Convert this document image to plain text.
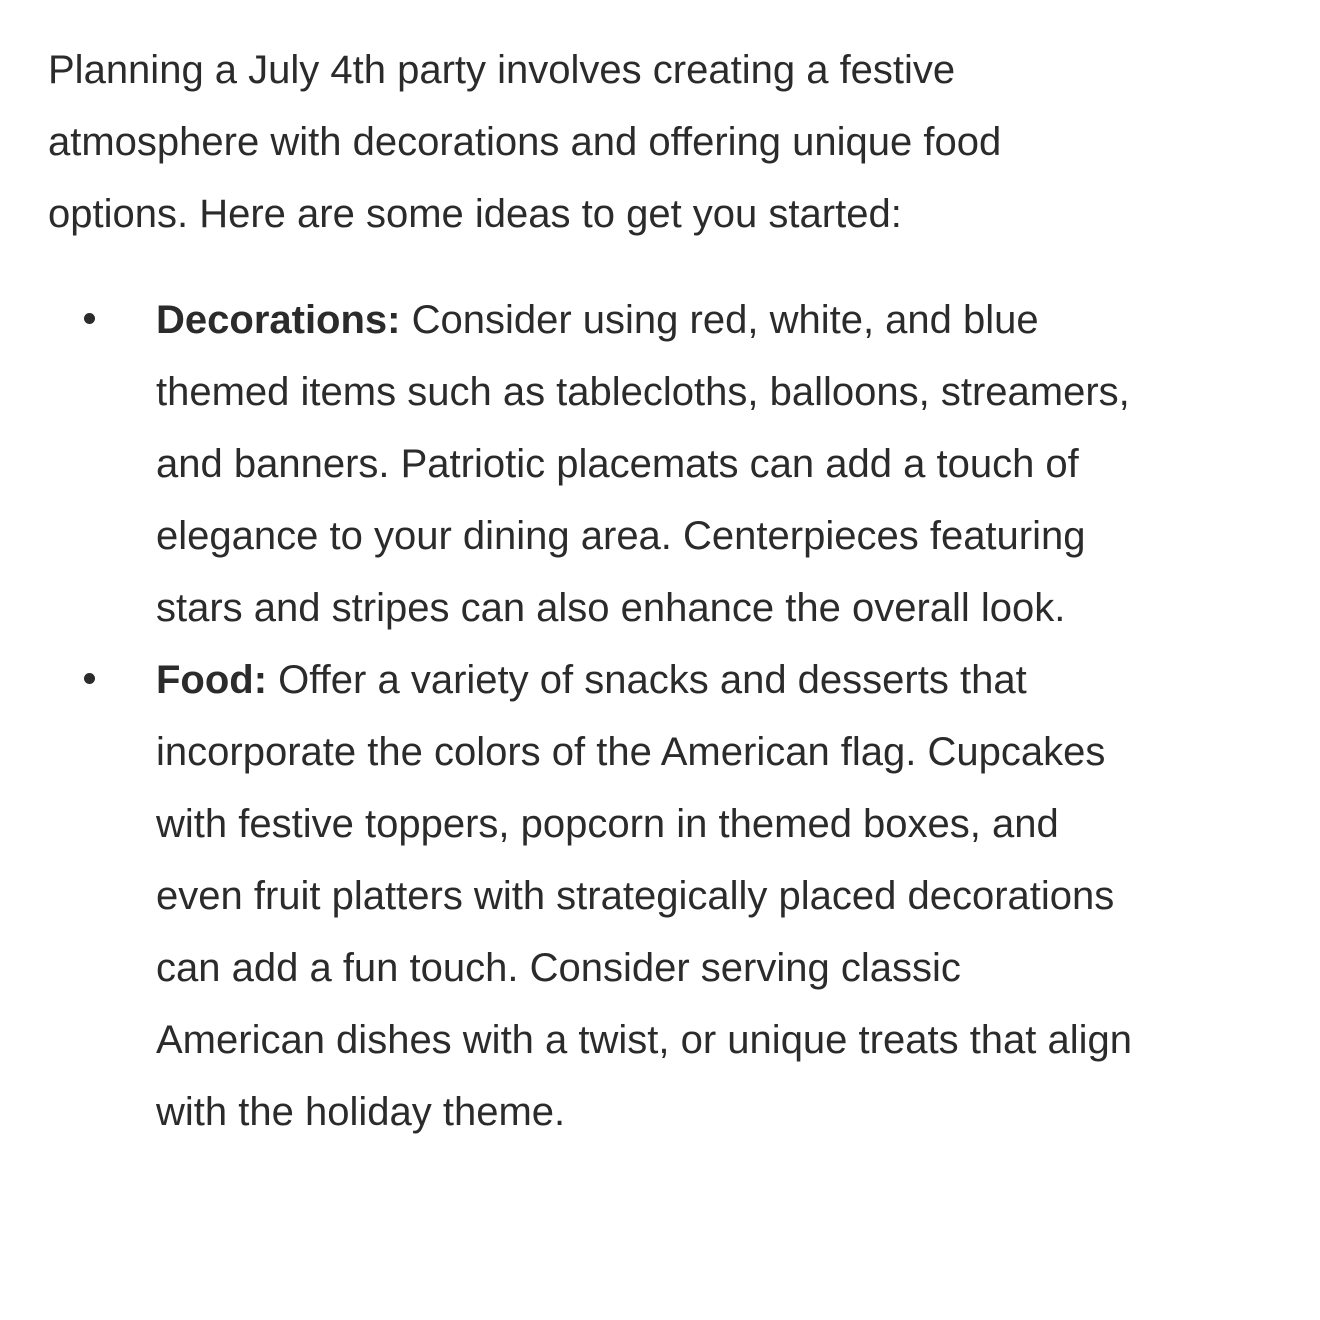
Planning a July 4th party involves creating a festive atmosphere with decorations and offering unique food options. Here are some ideas to get you started:

Decorations: Consider using red, white, and blue themed items such as tablecloths, balloons, streamers, and banners. Patriotic placemats can add a touch of elegance to your dining area. Centerpieces featuring stars and stripes can also enhance the overall look.
Food: Offer a variety of snacks and desserts that incorporate the colors of the American flag. Cupcakes with festive toppers, popcorn in themed boxes, and even fruit platters with strategically placed decorations can add a fun touch. Consider serving classic American dishes with a twist, or unique treats that align with the holiday theme.
